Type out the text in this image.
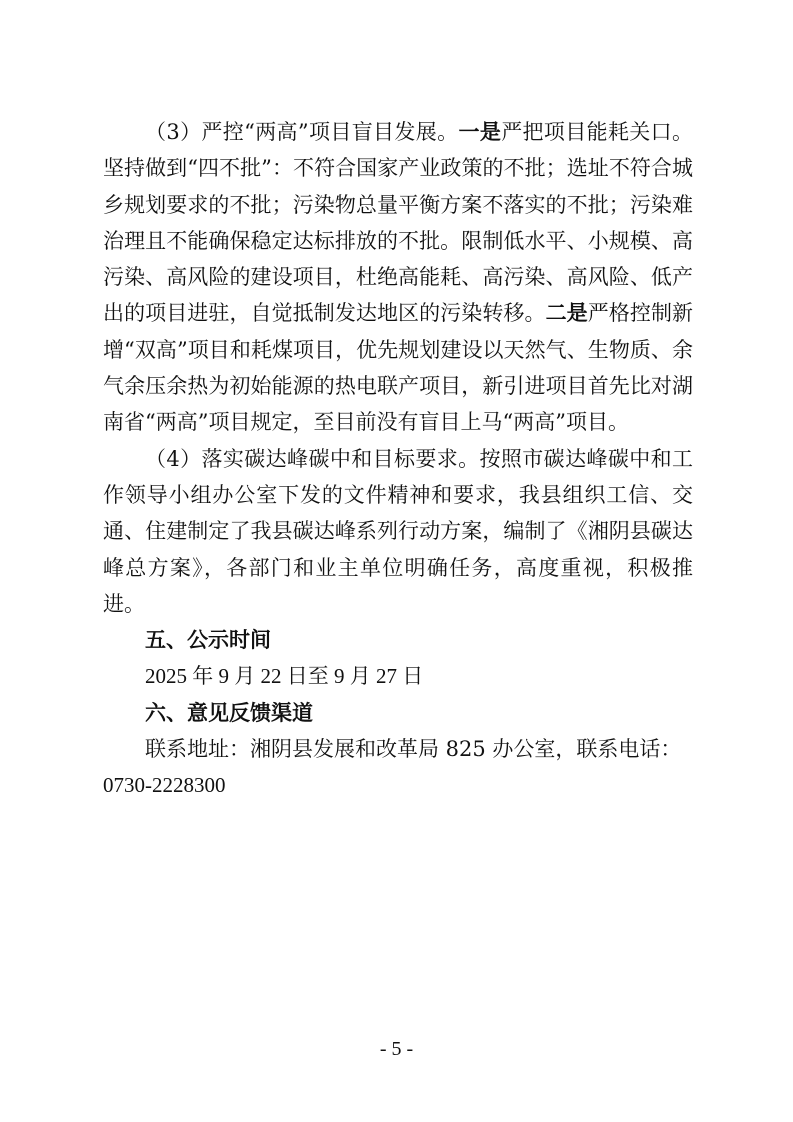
（3）严控“两高”项目盲目发展。一是严把项目能耗关口。坚持做到“四不批”：不符合国家产业政策的不批；选址不符合城乡规划要求的不批；污染物总量平衡方案不落实的不批；污染难治理且不能确保稳定达标排放的不批。限制低水平、小规模、高污染、高风险的建设项目，杜绝高能耗、高污染、高风险、低产出的项目进驻，自觉抵制发达地区的污染转移。二是严格控制新增“双高”项目和耗煤项目，优先规划建设以天然气、生物质、余气余压余热为初始能源的热电联产项目，新引进项目首先比对湖南省“两高”项目规定，至目前没有盲目上马“两高”项目。

（4）落实碳达峰碳中和目标要求。按照市碳达峰碳中和工作领导小组办公室下发的文件精神和要求，我县组织工信、交通、住建制定了我县碳达峰系列行动方案，编制了《湘阴县碳达峰总方案》，各部门和业主单位明确任务，高度重视，积极推进。

五、公示时间

2025 年 9 月 22 日至 9 月 27 日

六、意见反馈渠道

联系地址：湘阴县发展和改革局 825 办公室，联系电话：

0730-2228300

- 5 -
